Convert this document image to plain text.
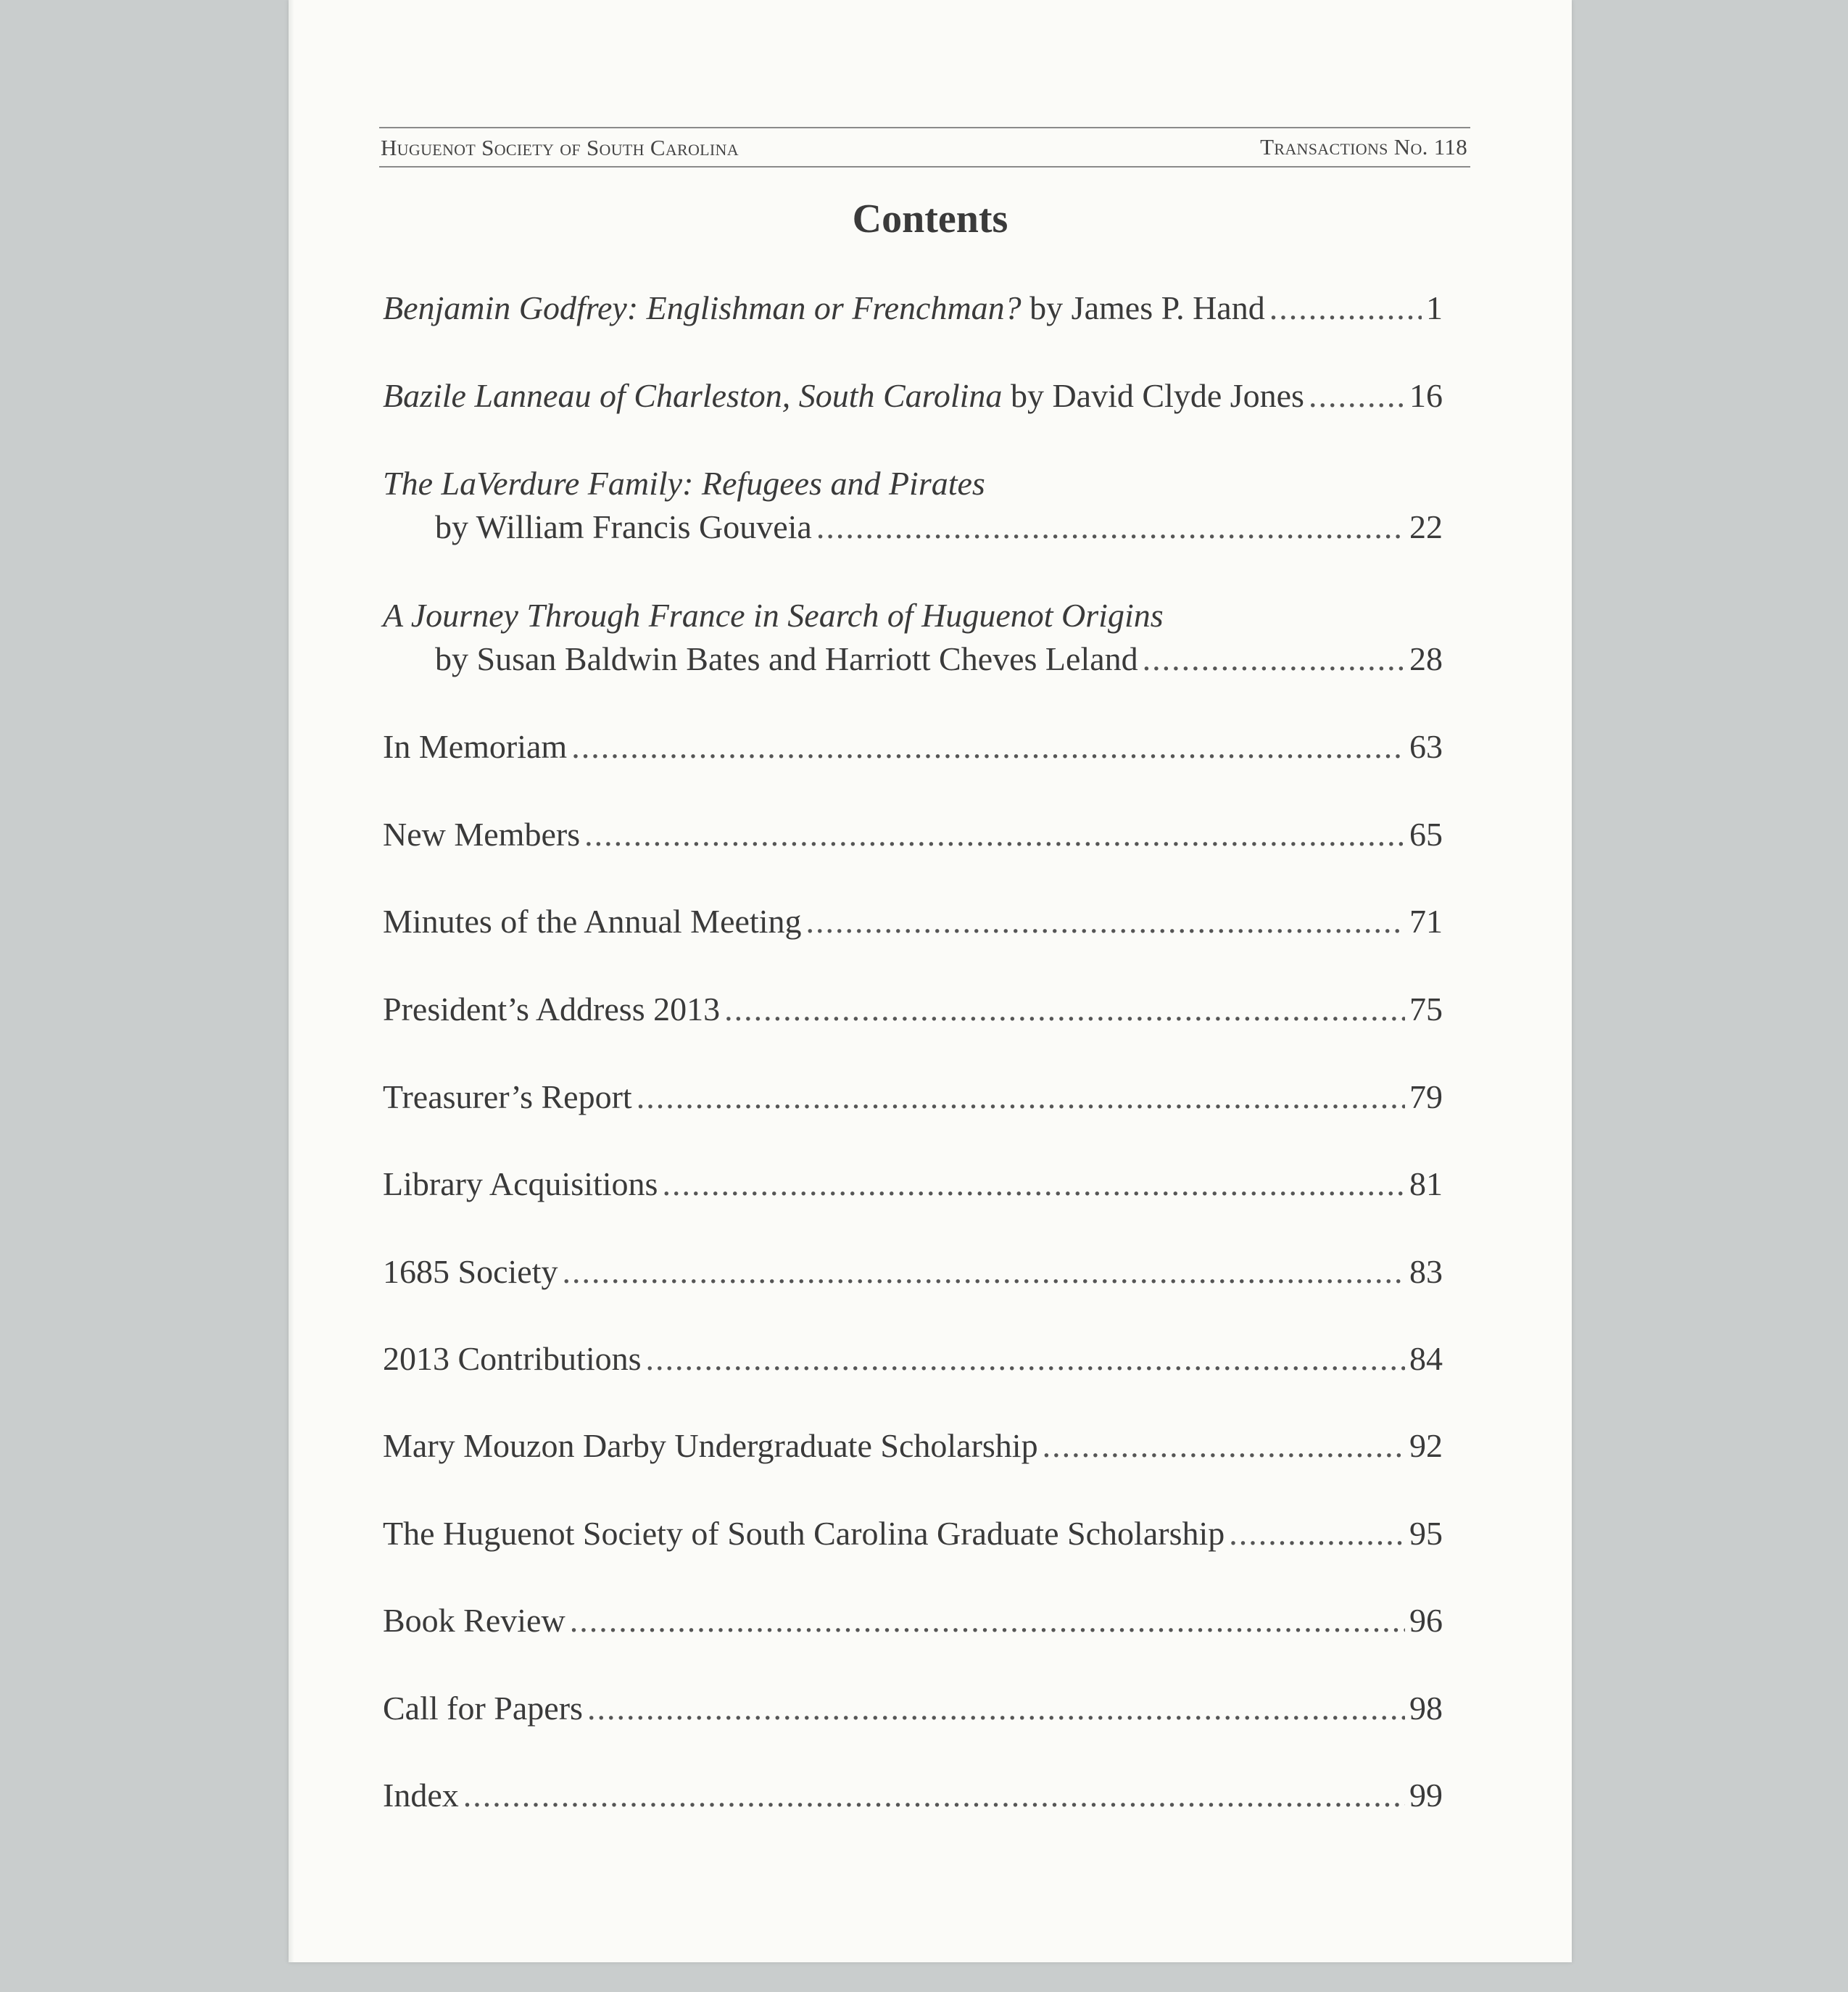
Huguenot Society of South Carolina	Transactions No. 118
Contents
Benjamin Godfrey: Englishman or Frenchman? by James P. Hand .....	1
Bazile Lanneau of Charleston, South Carolina by David Clyde Jones .....	16
The LaVerdure Family: Refugees and Pirates
by William Francis Gouveia .....	22
A Journey Through France in Search of Huguenot Origins
by Susan Baldwin Bates and Harriott Cheves Leland .....	28
In Memoriam .....	63
New Members .....	65
Minutes of the Annual Meeting .....	71
President’s Address 2013 .....	75
Treasurer’s Report .....	79
Library Acquisitions .....	81
1685 Society .....	83
2013 Contributions .....	84
Mary Mouzon Darby Undergraduate Scholarship .....	92
The Huguenot Society of South Carolina Graduate Scholarship .....	95
Book Review .....	96
Call for Papers .....	98
Index .....	99
